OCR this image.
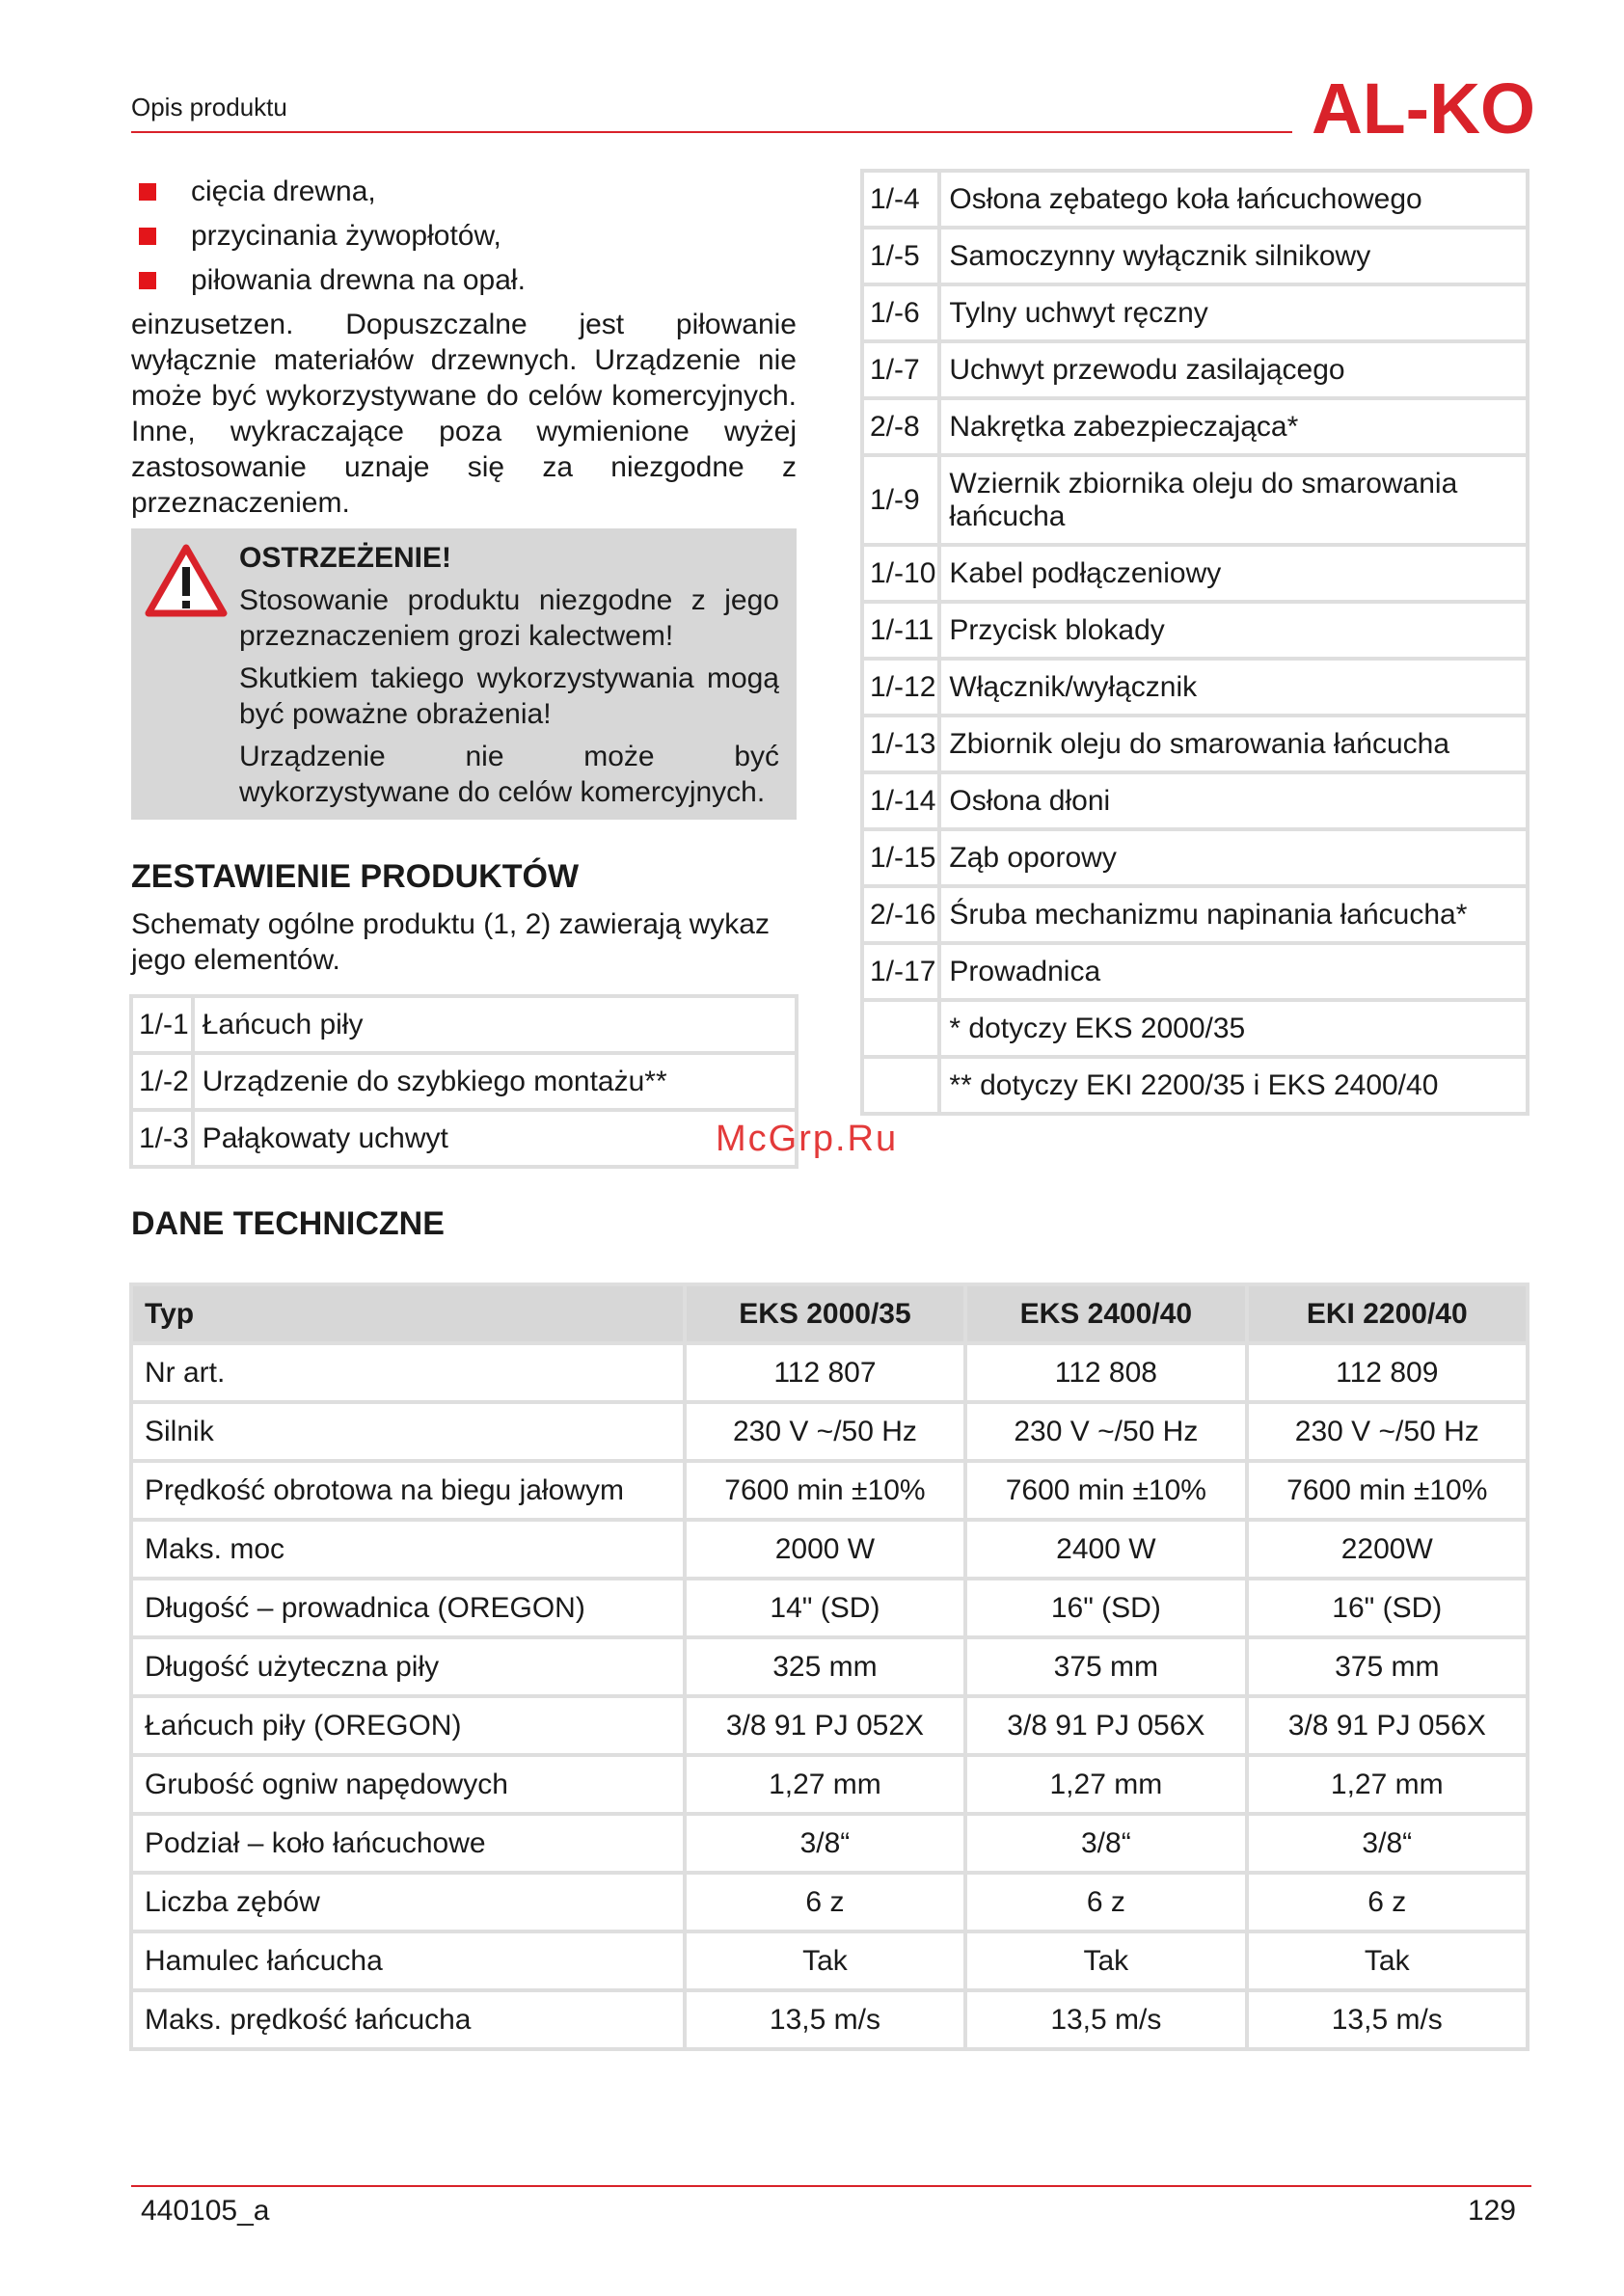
Opis produktu	AL-KO
cięcia drewna,
przycinania żywopłotów,
piłowania drewna na opał.

einzusetzen. Dopuszczalne jest piłowanie wyłącznie materiałów drzewnych. Urządzenie nie może być wykorzystywane do celów komercyjnych. Inne, wykraczające poza wymienione wyżej zastosowanie uznaje się za niezgodne z przeznaczeniem.

OSTRZEŻENIE!

Stosowanie produktu niezgodne z jego przeznaczeniem grozi kalectwem!

Skutkiem takiego wykorzystywania mogą być poważne obrażenia!

Urządzenie nie może być wykorzystywane do celów komercyjnych.

ZESTAWIENIE PRODUKTÓW

Schematy ogólne produktu (1, 2) zawierają wykaz jego elementów.

1/-1	Łańcuch piły
1/-2	Urządzenie do szybkiego montażu**
1/-3	Pałąkowaty uchwyt
1/-4	Osłona zębatego koła łańcuchowego
1/-5	Samoczynny wyłącznik silnikowy
1/-6	Tylny uchwyt ręczny
1/-7	Uchwyt przewodu zasilającego
2/-8	Nakrętka zabezpieczająca*
1/-9	Wziernik zbiornika oleju do smarowania łańcucha
1/-10	Kabel podłączeniowy
1/-11	Przycisk blokady
1/-12	Włącznik/wyłącznik
1/-13	Zbiornik oleju do smarowania łańcucha
1/-14	Osłona dłoni
1/-15	Ząb oporowy
2/-16	Śruba mechanizmu napinania łańcucha*
1/-17	Prowadnica
	* dotyczy EKS 2000/35
	** dotyczy EKI 2200/35 i EKS 2400/40
McGrp.Ru
DANE TECHNICZNE
Typ	EKS 2000/35	EKS 2400/40	EKI 2200/40
Nr art.	112 807	112 808	112 809
Silnik	230 V ~/50 Hz	230 V ~/50 Hz	230 V ~/50 Hz
Prędkość obrotowa na biegu jałowym	7600 min ±10%	7600 min ±10%	7600 min ±10%
Maks. moc	2000 W	2400 W	2200W
Długość – prowadnica (OREGON)	14" (SD)	16" (SD)	16" (SD)
Długość użyteczna piły	325 mm	375 mm	375 mm
Łańcuch piły (OREGON)	3/8 91 PJ 052X	3/8 91 PJ 056X	3/8 91 PJ 056X
Grubość ogniw napędowych	1,27 mm	1,27 mm	1,27 mm
Podział – koło łańcuchowe	3/8“	3/8“	3/8“
Liczba zębów	6 z	6 z	6 z
Hamulec łańcucha	Tak	Tak	Tak
Maks. prędkość łańcucha	13,5 m/s	13,5 m/s	13,5 m/s
440105_a	129
